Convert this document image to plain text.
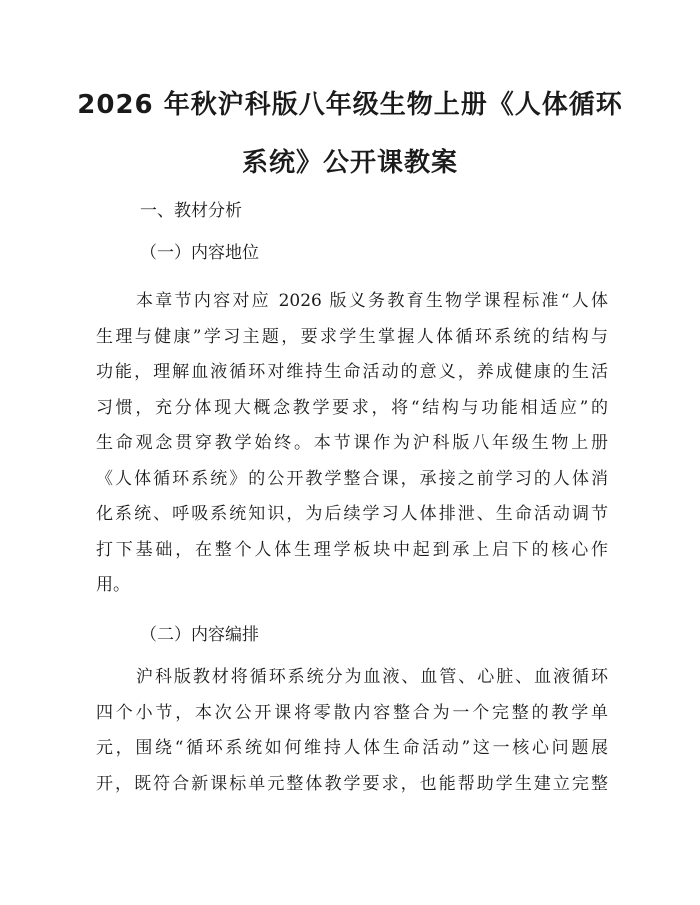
2026 年秋沪科版八年级生物上册《人体循环
系统》公开课教案
一、教材分析
（一）内容地位
本章节内容对应 2026 版义务教育生物学课程标准“人体
生理与健康”学习主题，要求学生掌握人体循环系统的结构与
功能，理解血液循环对维持生命活动的意义，养成健康的生活
习惯，充分体现大概念教学要求，将“结构与功能相适应”的
生命观念贯穿教学始终。本节课作为沪科版八年级生物上册
《人体循环系统》的公开教学整合课，承接之前学习的人体消
化系统、呼吸系统知识，为后续学习人体排泄、生命活动调节
打下基础，在整个人体生理学板块中起到承上启下的核心作
用。
（二）内容编排
沪科版教材将循环系统分为血液、血管、心脏、血液循环
四个小节，本次公开课将零散内容整合为一个完整的教学单
元，围绕“循环系统如何维持人体生命活动”这一核心问题展
开，既符合新课标单元整体教学要求，也能帮助学生建立完整
